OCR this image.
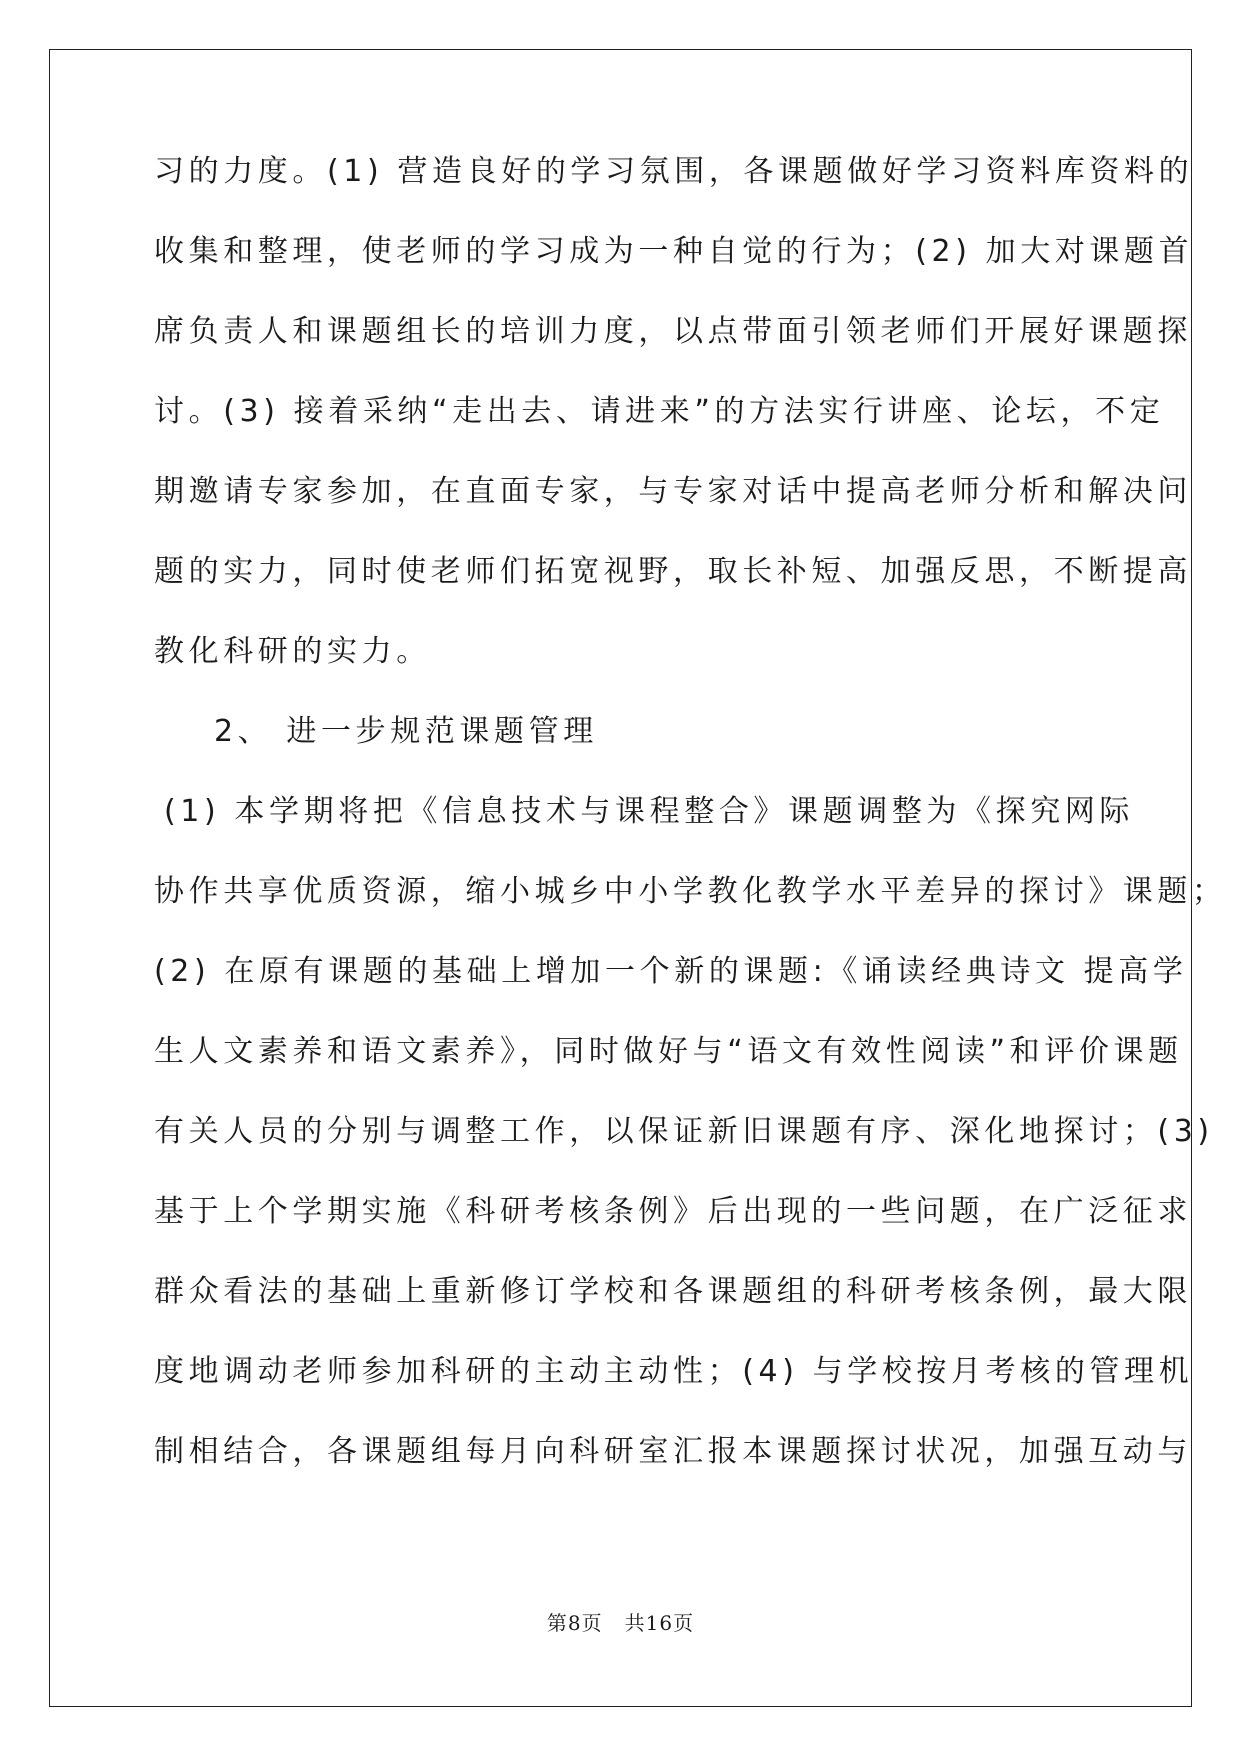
习的力度。(1) 营造良好的学习氛围，各课题做好学习资料库资料的
收集和整理，使老师的学习成为一种自觉的行为；(2) 加大对课题首
席负责人和课题组长的培训力度，以点带面引领老师们开展好课题探
讨。(3) 接着采纳“走出去、请进来”的方法实行讲座、论坛，不定
期邀请专家参加，在直面专家，与专家对话中提高老师分析和解决问
题的实力，同时使老师们拓宽视野，取长补短、加强反思，不断提高
教化科研的实力。
2、 进一步规范课题管理
(1) 本学期将把《信息技术与课程整合》课题调整为《探究网际
协作共享优质资源，缩小城乡中小学教化教学水平差异的探讨》课题；
(2) 在原有课题的基础上增加一个新的课题:《诵读经典诗文 提高学
生人文素养和语文素养》，同时做好与“语文有效性阅读”和评价课题
有关人员的分别与调整工作，以保证新旧课题有序、深化地探讨；(3)
基于上个学期实施《科研考核条例》后出现的一些问题，在广泛征求
群众看法的基础上重新修订学校和各课题组的科研考核条例，最大限
度地调动老师参加科研的主动主动性；(4) 与学校按月考核的管理机
制相结合，各课题组每月向科研室汇报本课题探讨状况，加强互动与
第8页 共16页
